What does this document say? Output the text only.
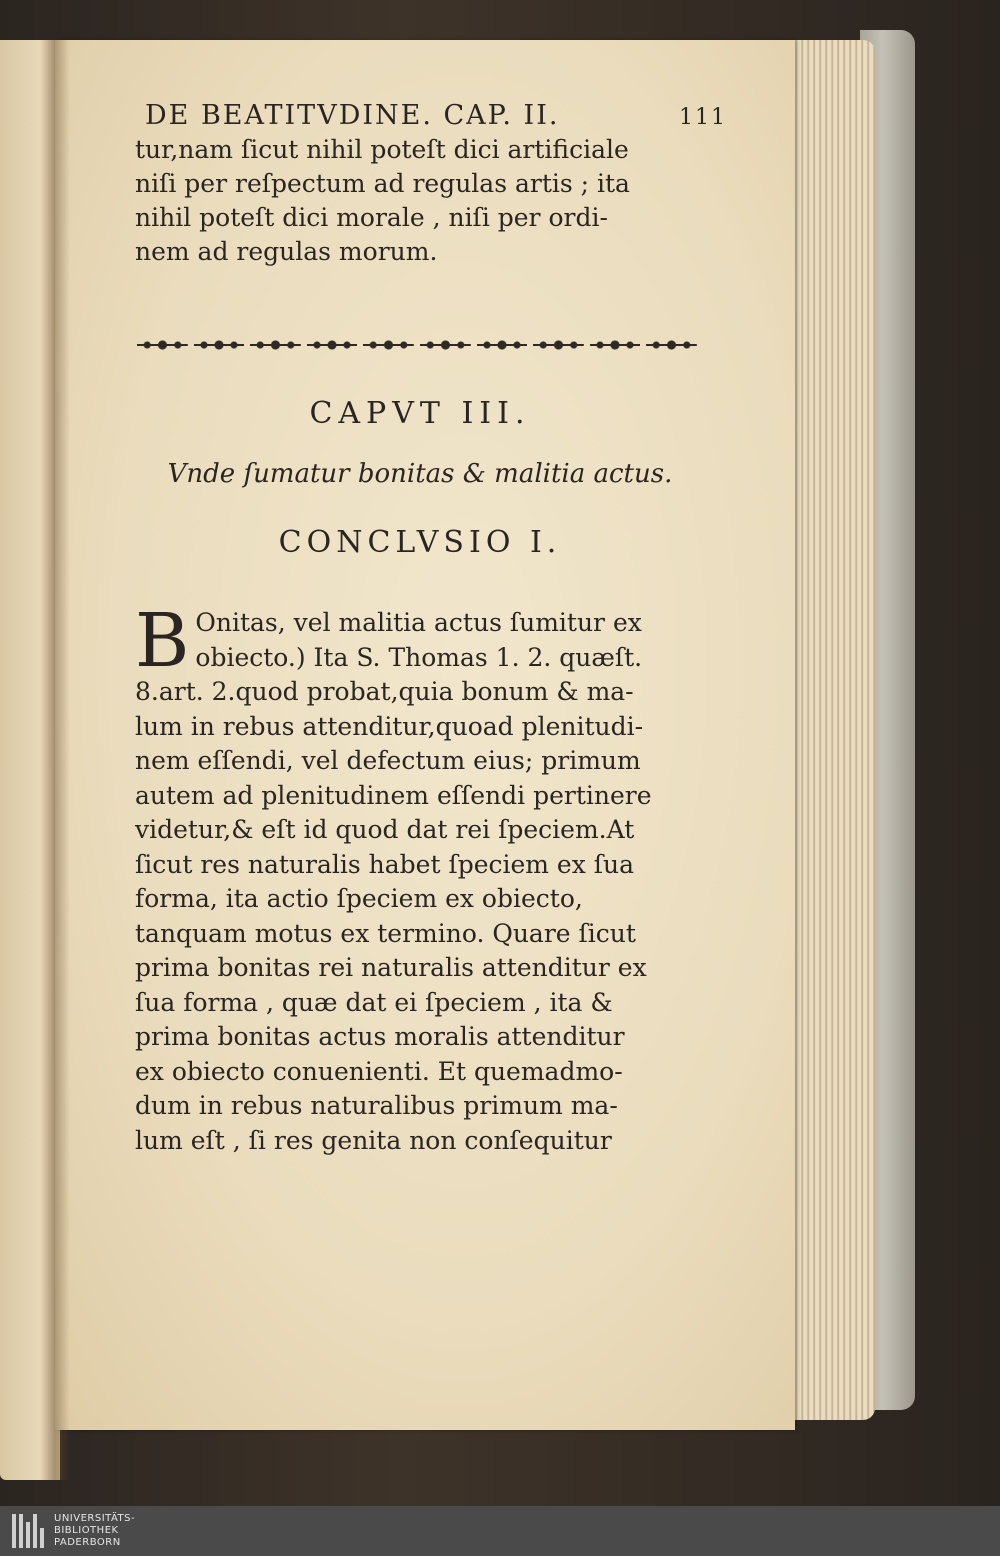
DE BEATITVDINE. CAP. II.	111
tur,nam ſicut nihil poteſt dici artificiale
niſi per reſpectum ad regulas artis ; ita
nihil poteſt dici morale , niſi per ordi-
nem ad regulas morum.
CAPVT III.
Vnde ſumatur bonitas & malitia actus.
CONCLVSIO I.
B Onitas, vel malitia actus ſumitur ex
obiecto.) Ita S. Thomas 1. 2. quæſt.
8.art. 2.quod probat,quia bonum & ma-
lum in rebus attenditur,quoad plenitudi-
nem eſſendi, vel defectum eius; primum
autem ad plenitudinem eſſendi pertinere
videtur,& eſt id quod dat rei ſpeciem.At
ſicut res naturalis habet ſpeciem ex ſua
forma, ita actio ſpeciem ex obiecto,
tanquam motus ex termino. Quare ſicut
prima bonitas rei naturalis attenditur ex
ſua forma , quæ dat ei ſpeciem , ita &
prima bonitas actus moralis attenditur
ex obiecto conuenienti. Et quemadmo-
dum in rebus naturalibus primum ma-
lum eſt , ſi res genita non conſequitur
UNIVERSITÄTS-
BIBLIOTHEK
PADERBORN
